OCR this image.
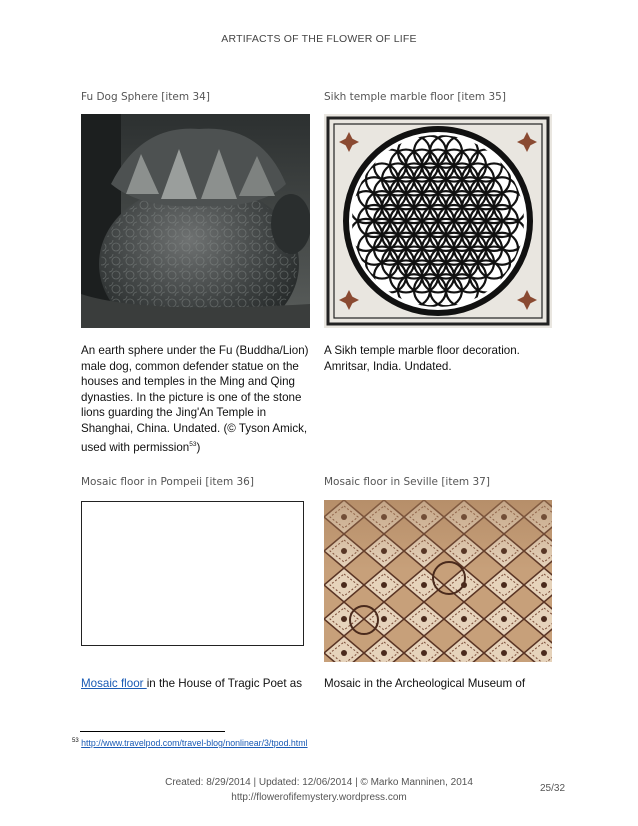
ARTIFACTS OF THE FLOWER OF LIFE
Fu Dog Sphere [item 34]
An earth sphere under the Fu (Buddha/Lion) male dog, common defender statue on the houses and temples in the Ming and Qing dynasties. In the picture is one of the stone lions guarding the Jing'An Temple in Shanghai, China. Undated. (© Tyson Amick, used with permission$^{53}$)
Sikh temple marble floor [item 35]
A Sikh temple marble floor decoration. Amritsar, India. Undated.
Mosaic floor in Pompeii [item 36]
Mosaic floor in the House of Tragic Poet as
Mosaic floor in Seville [item 37]
Mosaic in the Archeological Museum of
$^{53}$ http://www.travelpod.com/travel-blog/nonlinear/3/tpod.html
Created: 8/29/2014 | Updated: 12/06/2014 | © Marko Manninen, 2014
http://flowerofifemystery.wordpress.com
25/32
